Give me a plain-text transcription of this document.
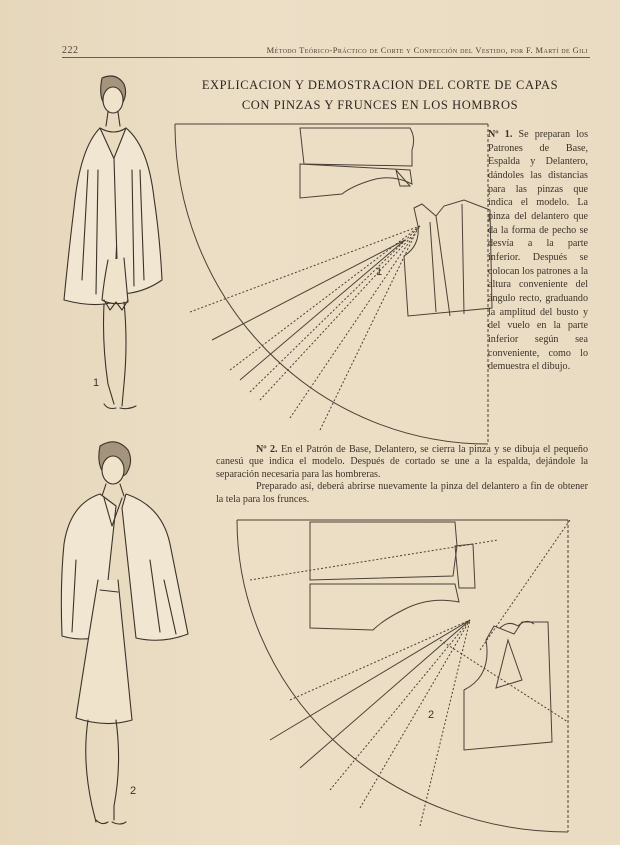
222	Método Teórico-Práctico de Corte y Confección del Vestido, por F. Martí de Gili
EXPLICACION Y DEMOSTRACION DEL CORTE DE CAPAS
CON PINZAS Y FRUNCES EN LOS HOMBROS
1
2
1
2
Nº 1. Se preparan los Patrones de Base, Espalda y Delantero, dándoles las distancias para las pinzas que indica el modelo. La pinza del delantero que da la forma de pecho se desvía a la parte inferior. Después se colocan los patrones a la altura conveniente del ángulo recto, graduando la amplitud del busto y del vuelo en la parte inferior según sea conveniente, como lo demuestra el dibujo.

Nº 2. En el Patrón de Base, Delantero, se cierra la pinza y se dibuja el pequeño canesú que indica el modelo. Después de cortado se une a la espalda, dejándole la separación necesaria para las hombreras.

Preparado así, deberá abrirse nuevamente la pinza del delantero a fin de obtener la tela para los frunces.
